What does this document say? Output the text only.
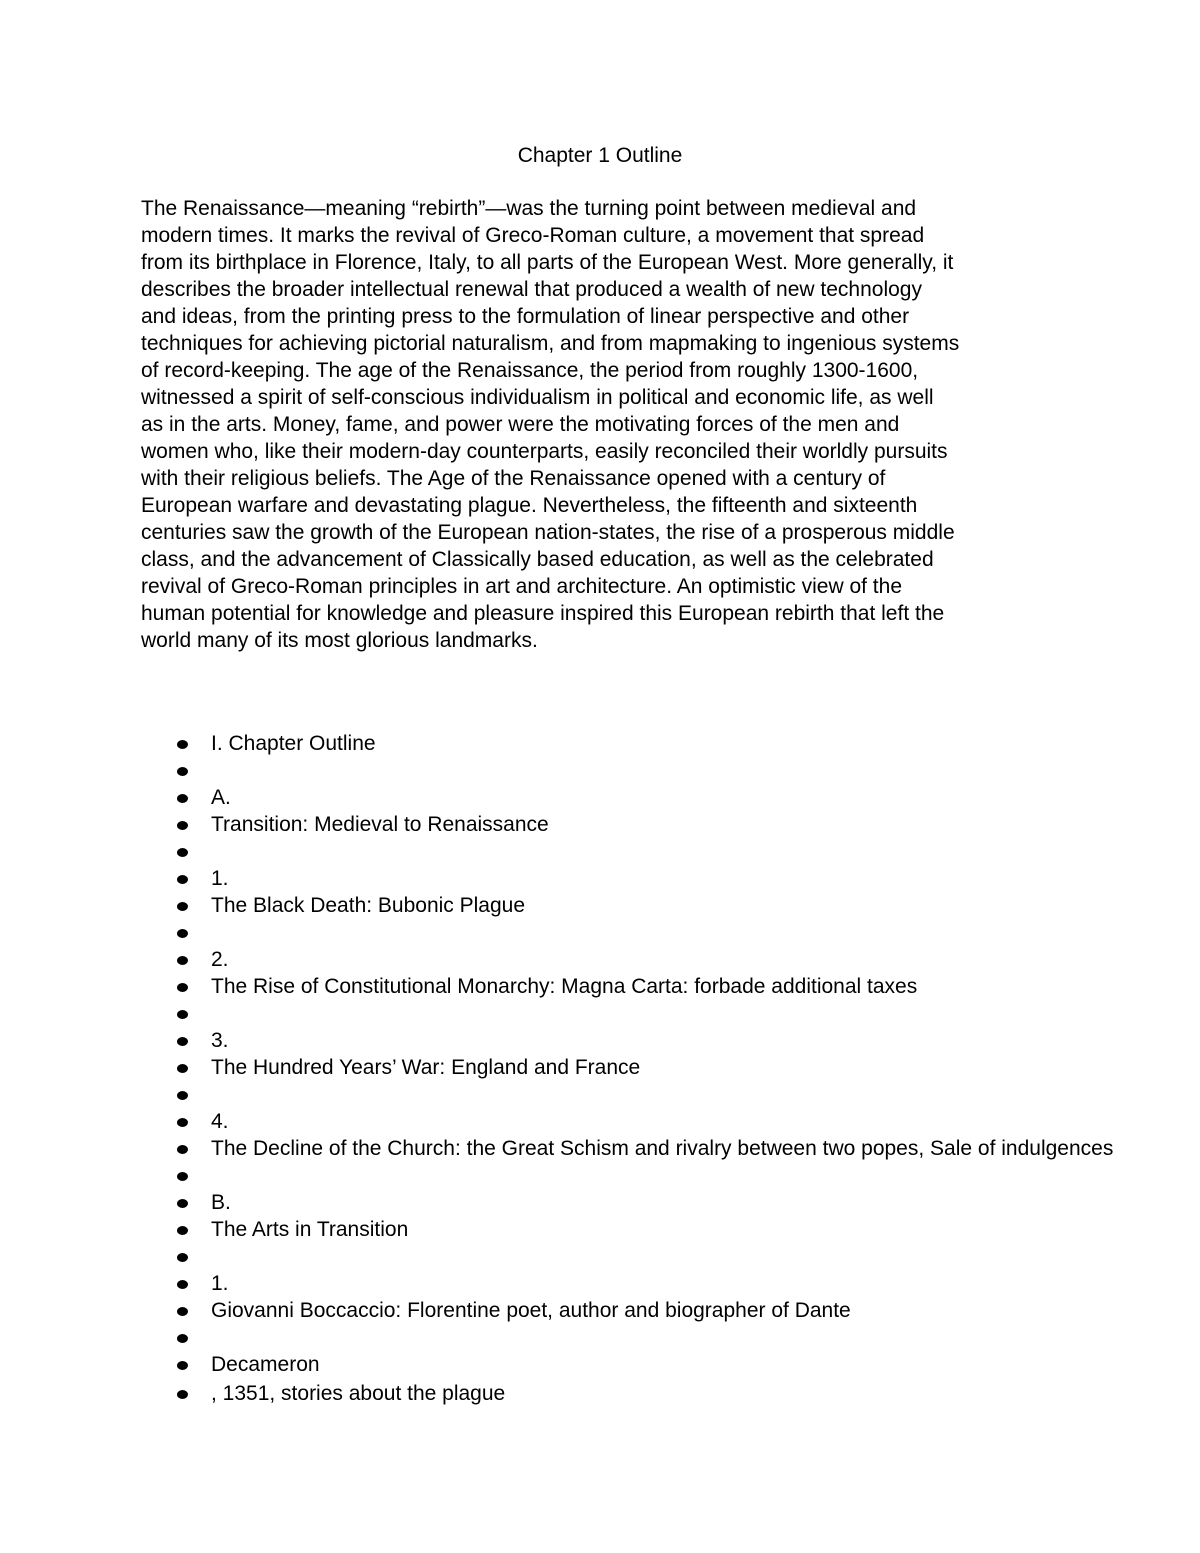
Chapter 1 Outline

The Renaissance—meaning “rebirth”—was the turning point between medieval and
modern times. It marks the revival of Greco-Roman culture, a movement that spread
from its birthplace in Florence, Italy, to all parts of the European West. More generally, it
describes the broader intellectual renewal that produced a wealth of new technology
and ideas, from the printing press to the formulation of linear perspective and other
techniques for achieving pictorial naturalism, and from mapmaking to ingenious systems
of record-keeping. The age of the Renaissance, the period from roughly 1300-1600,
witnessed a spirit of self-conscious individualism in political and economic life, as well
as in the arts. Money, fame, and power were the motivating forces of the men and
women who, like their modern-day counterparts, easily reconciled their worldly pursuits
with their religious beliefs. The Age of the Renaissance opened with a century of
European warfare and devastating plague. Nevertheless, the fifteenth and sixteenth
centuries saw the growth of the European nation-states, the rise of a prosperous middle
class, and the advancement of Classically based education, as well as the celebrated
revival of Greco-Roman principles in art and architecture. An optimistic view of the
human potential for knowledge and pleasure inspired this European rebirth that left the
world many of its most glorious landmarks.

I. Chapter Outline
A.
Transition: Medieval to Renaissance
1.
The Black Death: Bubonic Plague
2.
The Rise of Constitutional Monarchy: Magna Carta: forbade additional taxes
3.
The Hundred Years’ War: England and France
4.
The Decline of the Church: the Great Schism and rivalry between two popes, Sale of indulgences
B.
The Arts in Transition
1.
Giovanni Boccaccio: Florentine poet, author and biographer of Dante
Decameron
, 1351, stories about the plague
